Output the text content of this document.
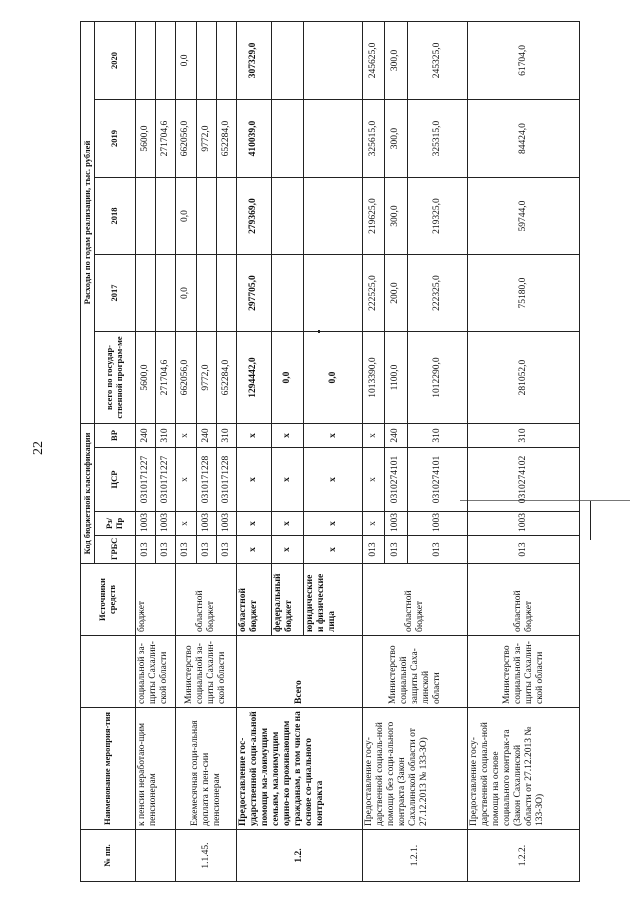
22
№ пп.	Наименование мероприя-тия		Источники средств	Код бюджетной классификации				Расходы по годам реализации, тыс. рублей				
				ГРБС	Рз/Пр	ЦСР	ВР	всего по государ-ственной програм-ме	2017	2018	2019	2020
	к пенсии нерaботаю-щим пенсионерам	социальной за-щиты Сахалин-ской области	бюджет	013	1003	0310171227	240	5600,0			5600,0	
				013	1003	0310171227	310	271704,6			271704,6	
1.1.45.	Ежемесячная соци-альная доплата к пен-сии пенсионерам	Министерство социальной за-щиты Сахалин-ской области	областной бюджет	013	x	x	x	662056,0	0,0	0,0	662056,0	0,0
				013	1003	0310171228	240	9772,0			9772,0	
				013	1003	0310171228	310	652284,0			652284,0	
1.2.	Предоставление гос-ударственной соци-альной помощи ма-лоимущим семьям, малоимущим одино-ко проживающим гражданам, в том числе на основе со-циального контракта	Всего	областной бюджет	x	x	x	x	1294442,0	297705,0	279369,0	410039,0	307329,0
			федеральный бюджет	x	x	x	x	0,0				
			юридические и физические лица	x	x	x	x	0,0				
1.2.1.	Предоставление госу-дарственной социаль-ной помощи без соци-ального контракта (Закон Сахалинской области от 27.12.2013 № 133-ЗО)	Министерство социальной защиты Саха-линской области	областной бюджет	013	x	x	x	1013390,0	222525,0	219625,0	325615,0	245625,0
				013	1003	0310274101	240	1100,0	200,0	300,0	300,0	300,0
				013	1003	0310274101	310	1012290,0	222325,0	219325,0	325315,0	245325,0
1.2.2.	Предоставление госу-дарственной социаль-ной помощи на основе социального контрак-та (Закон Сахалинской области от 27.12.2013 № 133-ЗО)	Министерство социальной за-щиты Сахалин-ской области	областной бюджет	013	1003	0310274102	310	281052,0	75180,0	59744,0	84424,0	61704,0
